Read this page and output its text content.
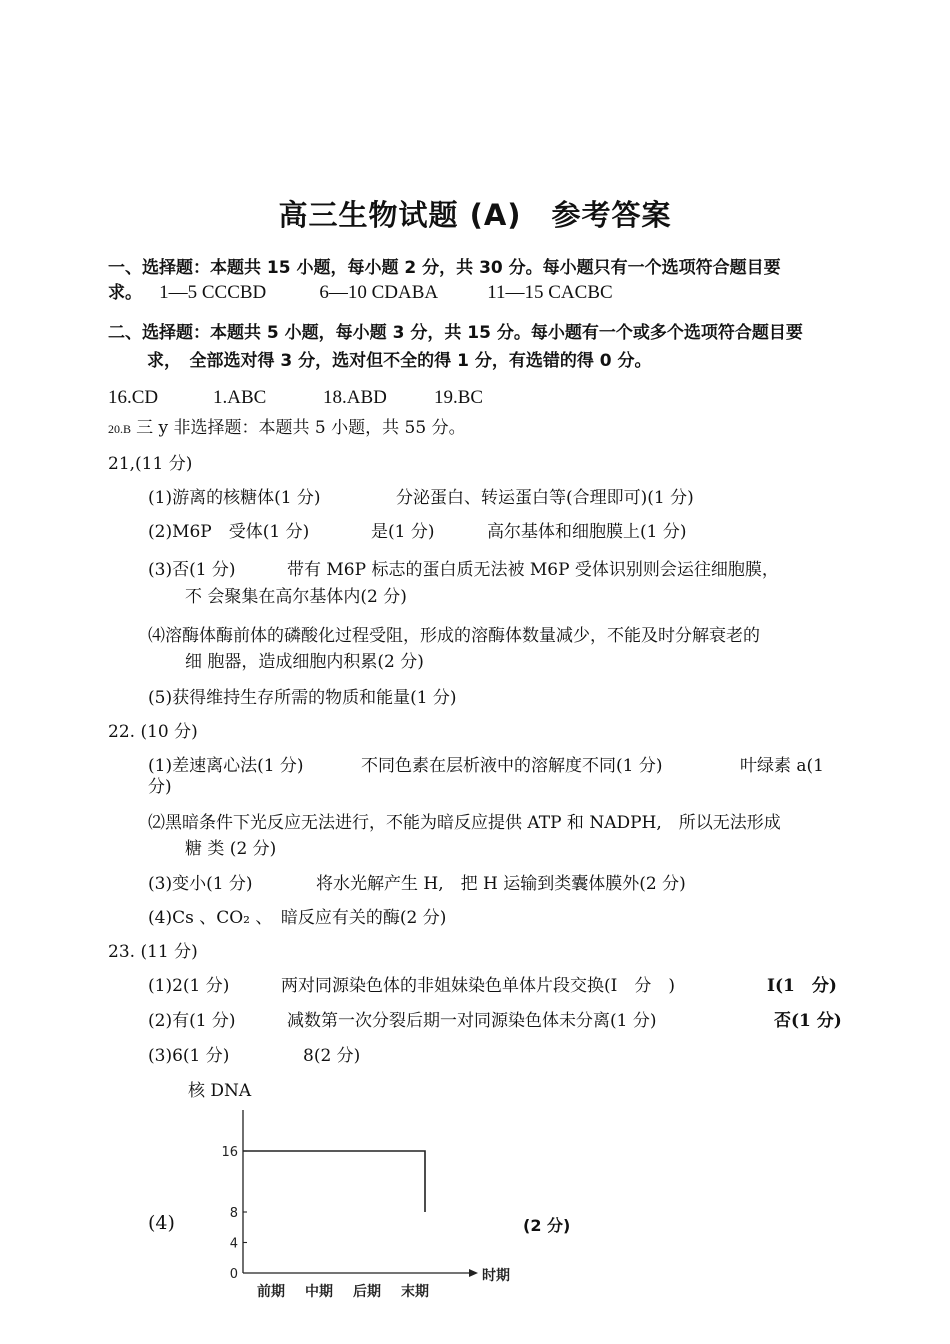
高三生物试题 (A)　参考答案
一、选择题：本题共 15 小题，每小题 2 分，共 30 分。每小题只有一个选项符合题目要
求。 1—5 CCCBD	6—10 CDABA	11—15 CACBC
二、选择题：本题共 5 小题，每小题 3 分，共 15 分。每小题有一个或多个选项符合题目要
求，　全部选对得 3 分，选对但不全的得 1 分，有选错的得 0 分。
16.CD	1.ABC	18.ABD 19.BC
20.B 三 y 非选择题：本题共 5 小题，共 55 分。
21,(11 分)
(1)游离的核糖体(1 分)	分泌蛋白、转运蛋白等(合理即可)(1 分)
(2)M6P　受体(1 分)	是(1 分)	高尔基体和细胞膜上(1 分)
(3)否(1 分)	带有 M6P 标志的蛋白质无法被 M6P 受体识别则会运往细胞膜，
不 会聚集在高尔基体内(2 分)
⑷溶酶体酶前体的磷酸化过程受阻，形成的溶酶体数量减少，不能及时分解衰老的
细 胞器，造成细胞内积累(2 分)
(5)获得维持生存所需的物质和能量(1 分)
22. (10 分)
(1)差速离心法(1 分)	不同色素在层析液中的溶解度不同(1 分)	叶绿素 a(1
分)
⑵黑暗条件下光反应无法进行，不能为暗反应提供 ATP 和 NADPH,　所以无法形成
糖 类 (2 分)
(3)变小(1 分)	将水光解产生 H,　把 H 运输到类囊体膜外(2 分)
(4)Cs 、CO₂ 、　暗反应有关的酶(2 分)
23. (11 分)
(1)2(1 分)	两对同源染色体的非姐妹染色单体片段交换(I　分　)	I(1　分)
(2)有(1 分)	减数第一次分裂后期一对同源染色体未分离(1 分)	否(1 分)
(3)6(1 分)	8(2 分)
核 DNA
(4)	(2 分)
0
4
8
16
前期 中期 后期 末期
时期
